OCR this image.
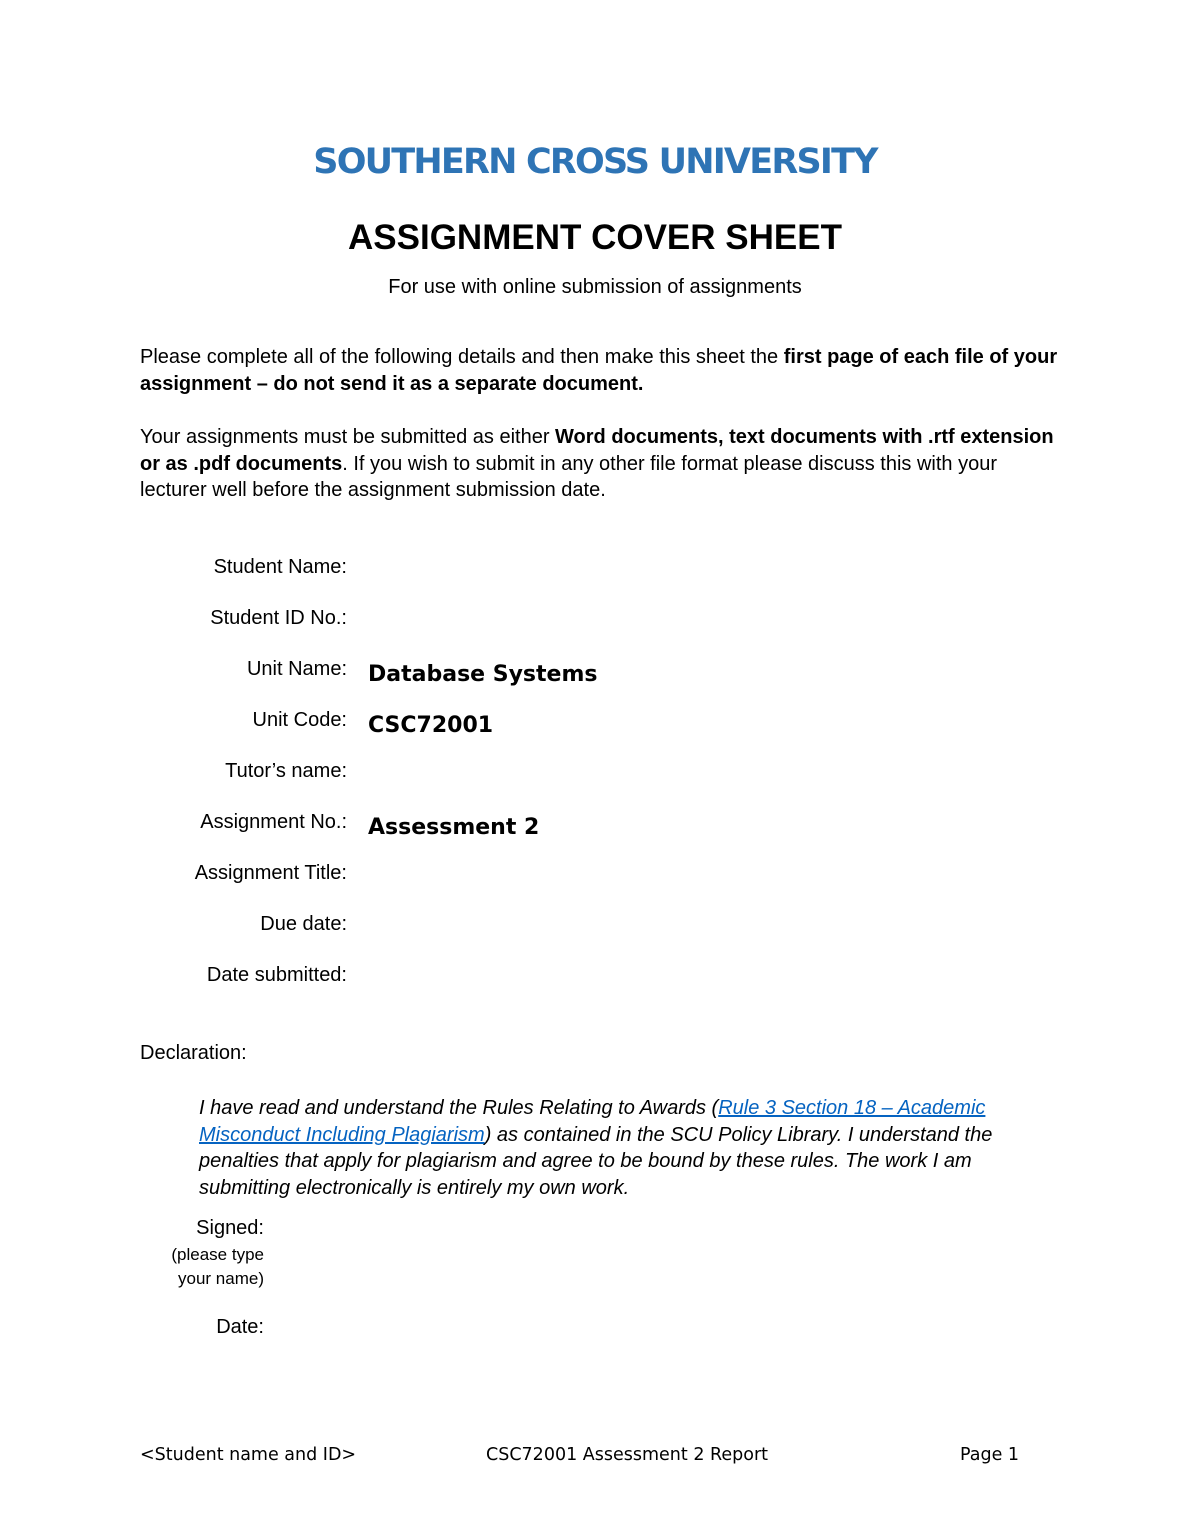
SOUTHERN CROSS UNIVERSITY
ASSIGNMENT COVER SHEET
For use with online submission of assignments
Please complete all of the following details and then make this sheet the first page of each file of your assignment – do not send it as a separate document.
Your assignments must be submitted as either Word documents, text documents with .rtf extension or as .pdf documents. If you wish to submit in any other file format please discuss this with your lecturer well before the assignment submission date.
Student Name:
Student ID No.:
Unit Name: Database Systems
Unit Code: CSC72001
Tutor’s name:
Assignment No.: Assessment 2
Assignment Title:
Due date:
Date submitted:
Declaration:
I have read and understand the Rules Relating to Awards (Rule 3 Section 18 – Academic Misconduct Including Plagiarism) as contained in the SCU Policy Library. I understand the penalties that apply for plagiarism and agree to be bound by these rules. The work I am submitting electronically is entirely my own work.
Signed:
(please type
your name)
Date:
<Student name and ID>	CSC72001 Assessment 2 Report	Page 1
